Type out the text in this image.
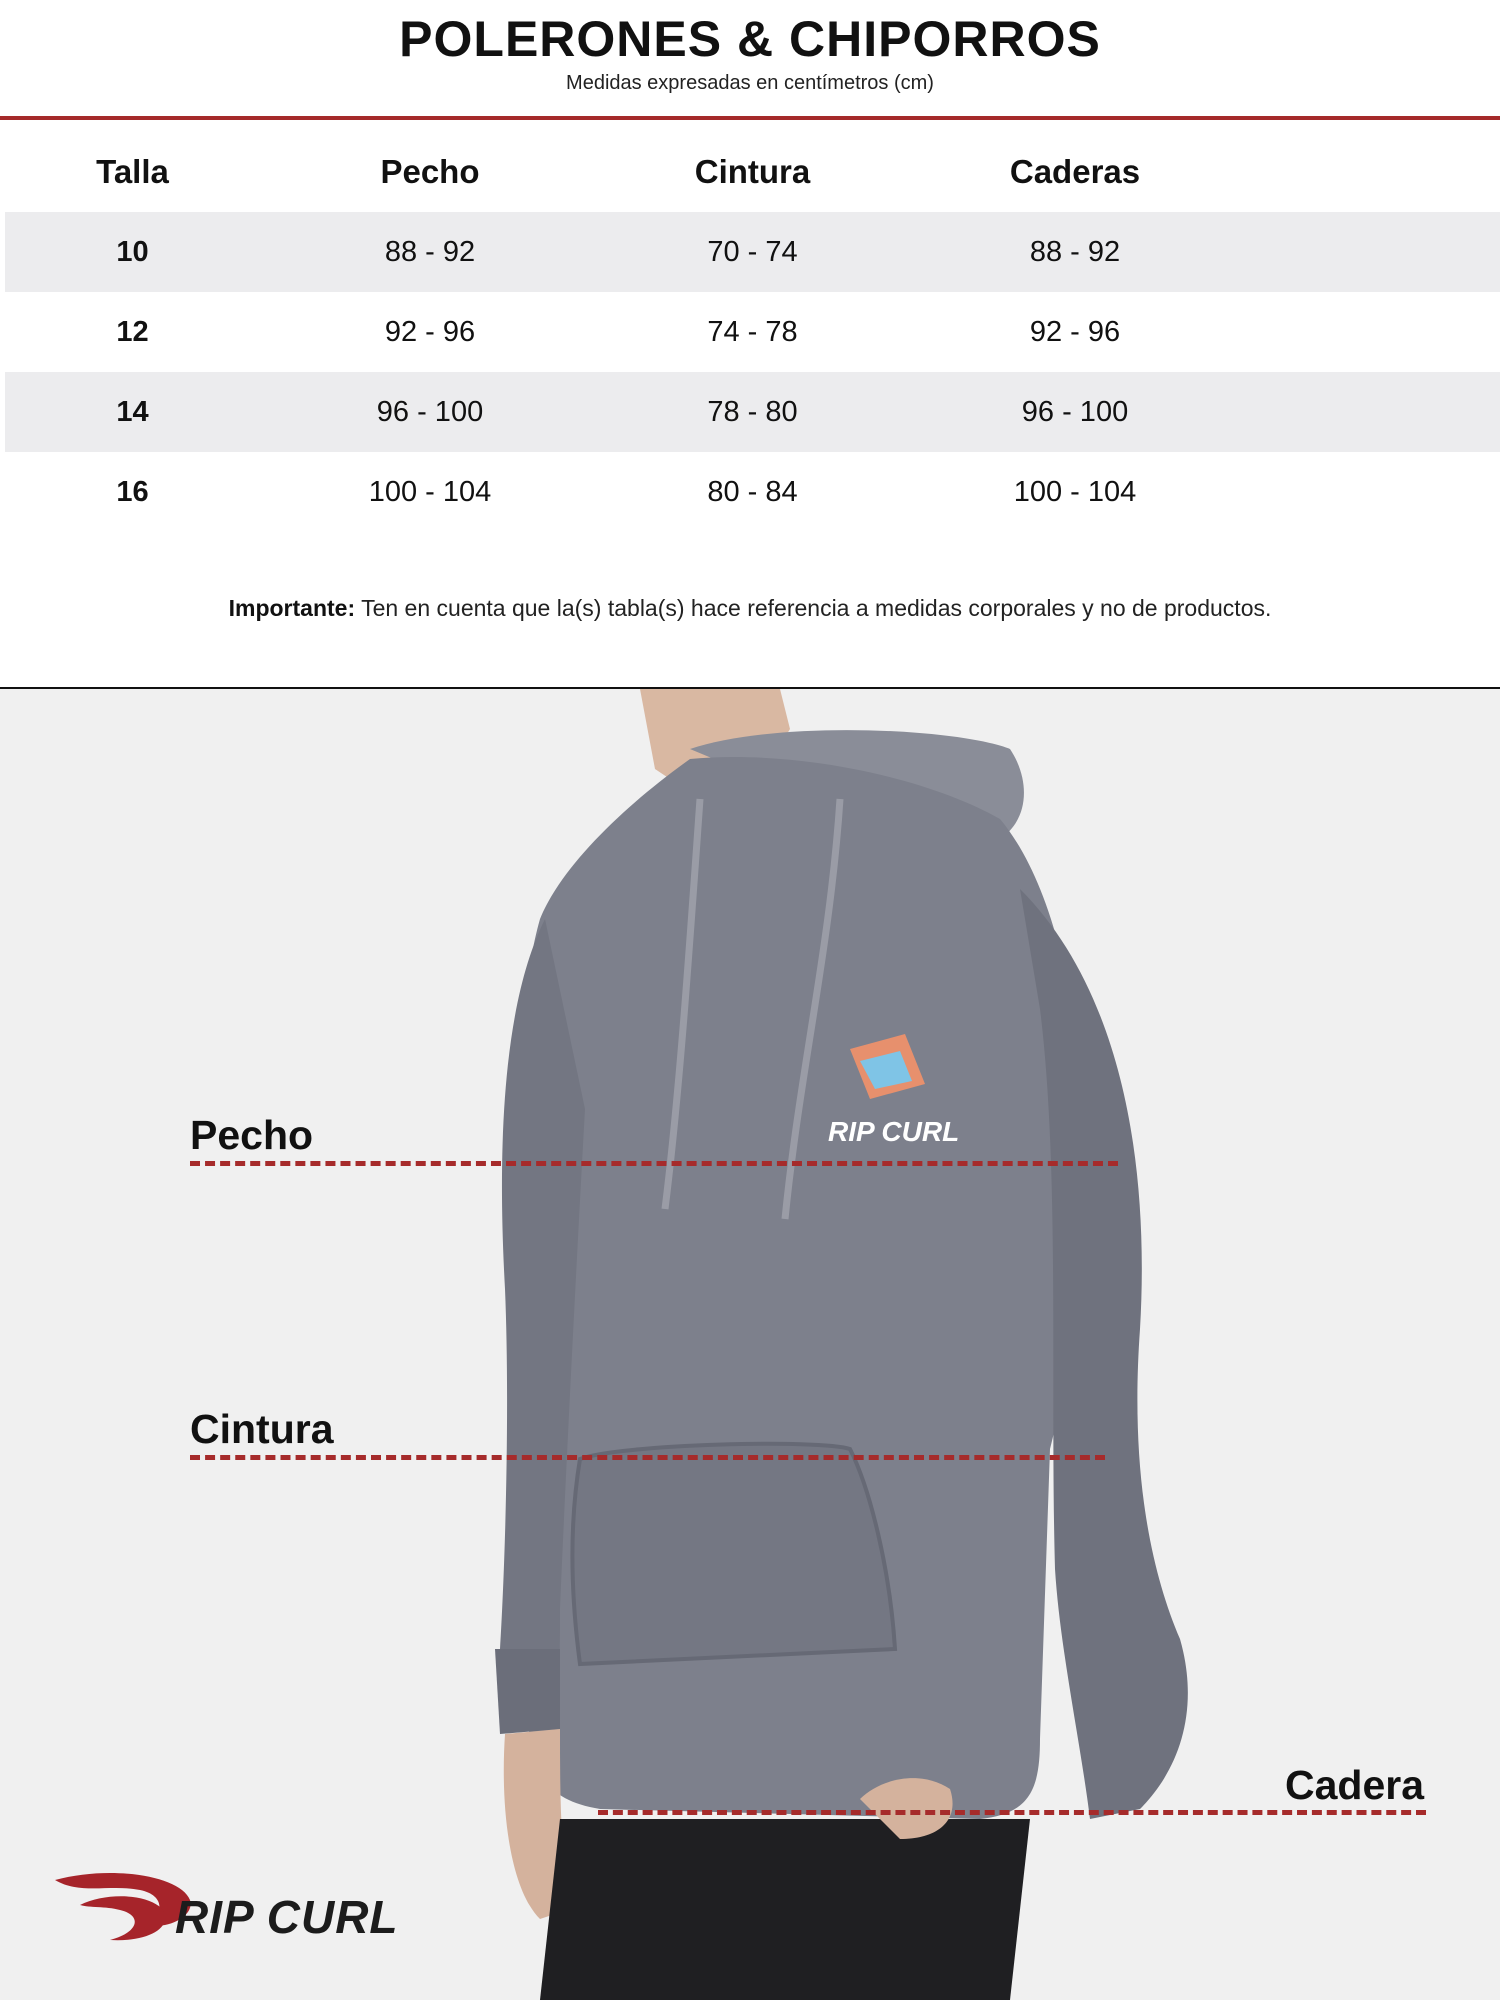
POLERONES & CHIPORROS
Medidas expresadas en centímetros (cm)
Talla	Pecho	Cintura	Caderas	
10	88 - 92	70 - 74	88 - 92	
12	92 - 96	74 - 78	92 - 96	
14	96 - 100	78 - 80	96 - 100	
16	100 - 104	80 - 84	100 - 104	
Importante: Ten en cuenta que la(s) tabla(s) hace referencia a medidas corporales y no de productos.
RIP CURL
Pecho
Cintura
Cadera
RIP CURL
